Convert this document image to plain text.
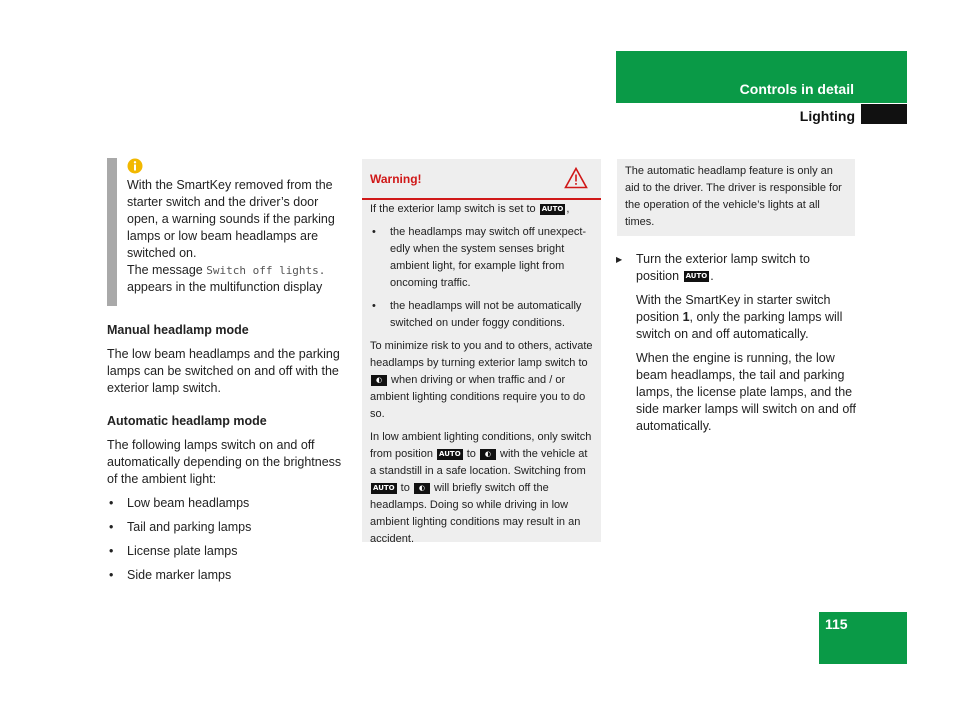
Controls in detail
Lighting

With the SmartKey removed from the starter switch and the driver’s door open, a warning sounds if the parking lamps or low beam headlamps are switched on.

The message Switch off lights. appears in the multifunction display

Manual headlamp mode

The low beam headlamps and the parking lamps can be switched on and off with the exterior lamp switch.

Automatic headlamp mode

The following lamps switch on and off automatically depending on the brightness of the ambient light:

• Low beam headlamps

• Tail and parking lamps

• License plate lamps

• Side marker lamps

Warning!

If the exterior lamp switch is set to AUTO ,

• the headlamps may switch off unexpect-edly when the system senses bright ambient light, for example light from oncoming traffic.

• the headlamps will not be automatically switched on under foggy conditions.

To minimize risk to you and to others, activate headlamps by turning exterior lamp switch to ◐ when driving or when traffic and / or ambient lighting conditions require you to do so.

In low ambient lighting conditions, only switch from position AUTO to ◐ with the vehicle at a standstill in a safe location. Switching from AUTO to ◐ will briefly switch off the headlamps. Doing so while driving in low ambient lighting conditions may result in an accident.

The automatic headlamp feature is only an aid to the driver. The driver is responsible for the operation of the vehicle’s lights at all times.

▶ Turn the exterior lamp switch to position AUTO .

With the SmartKey in starter switch position 1, only the parking lamps will switch on and off automatically.

When the engine is running, the low beam headlamps, the tail and parking lamps, the license plate lamps, and the side marker lamps will switch on and off automatically.

115
